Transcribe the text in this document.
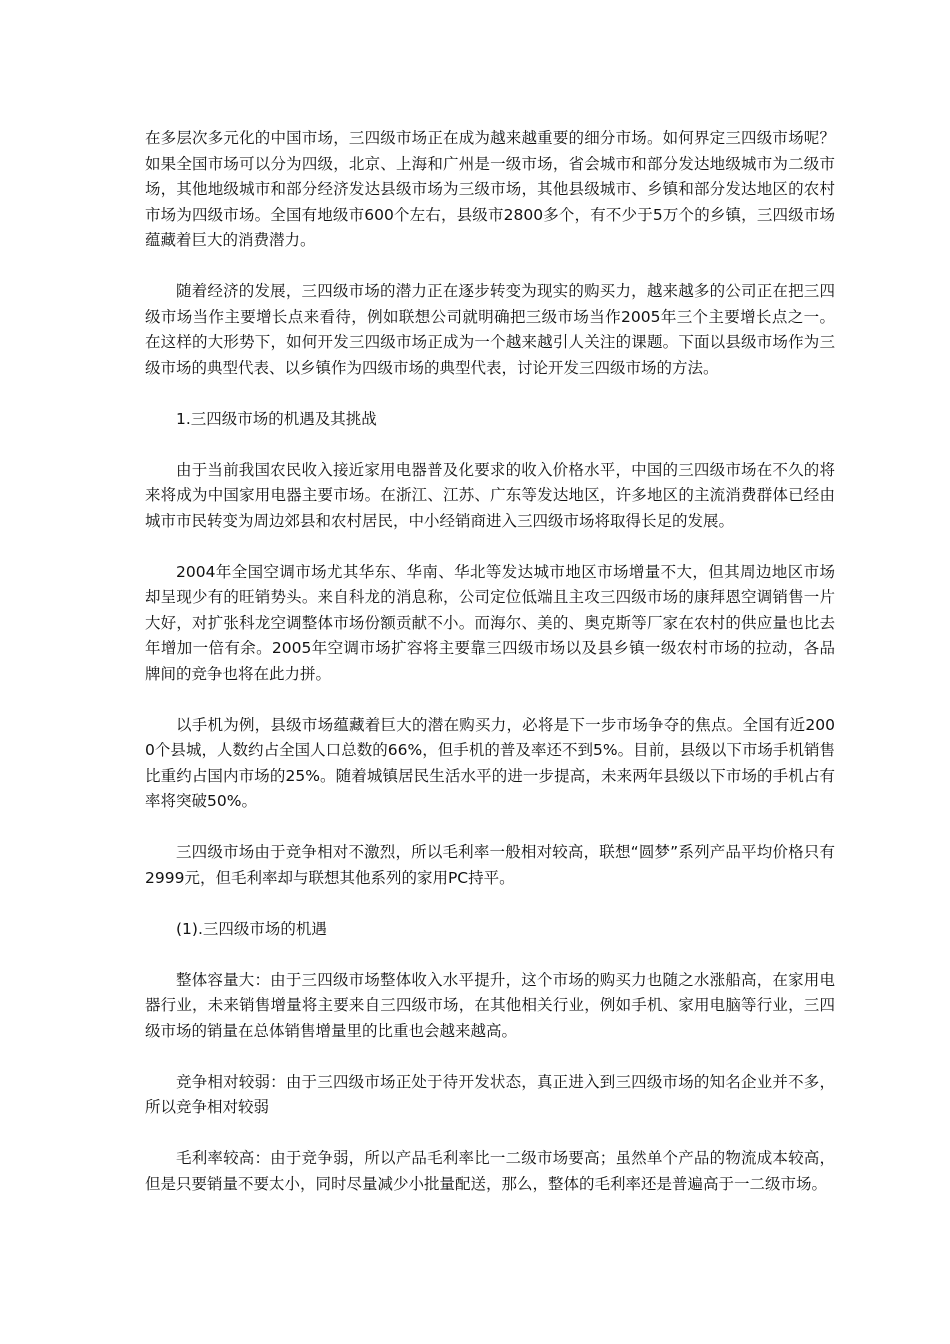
在多层次多元化的中国市场，三四级市场正在成为越来越重要的细分市场。如何界定三四级市场呢？如果全国市场可以分为四级，北京、上海和广州是一级市场，省会城市和部分发达地级城市为二级市场，其他地级城市和部分经济发达县级市场为三级市场，其他县级城市、乡镇和部分发达地区的农村市场为四级市场。全国有地级市600个左右，县级市2800多个，有不少于5万个的乡镇，三四级市场蕴藏着巨大的消费潜力。

随着经济的发展，三四级市场的潜力正在逐步转变为现实的购买力，越来越多的公司正在把三四级市场当作主要增长点来看待，例如联想公司就明确把三级市场当作2005年三个主要增长点之一。在这样的大形势下，如何开发三四级市场正成为一个越来越引人关注的课题。下面以县级市场作为三级市场的典型代表、以乡镇作为四级市场的典型代表，讨论开发三四级市场的方法。

1.三四级市场的机遇及其挑战

由于当前我国农民收入接近家用电器普及化要求的收入价格水平，中国的三四级市场在不久的将来将成为中国家用电器主要市场。在浙江、江苏、广东等发达地区，许多地区的主流消费群体已经由城市市民转变为周边郊县和农村居民，中小经销商进入三四级市场将取得长足的发展。

2004年全国空调市场尤其华东、华南、华北等发达城市地区市场增量不大，但其周边地区市场却呈现少有的旺销势头。来自科龙的消息称，公司定位低端且主攻三四级市场的康拜恩空调销售一片大好，对扩张科龙空调整体市场份额贡献不小。而海尔、美的、奥克斯等厂家在农村的供应量也比去年增加一倍有余。2005年空调市场扩容将主要靠三四级市场以及县乡镇一级农村市场的拉动，各品牌间的竞争也将在此力拼。

以手机为例，县级市场蕴藏着巨大的潜在购买力，必将是下一步市场争夺的焦点。全国有近2000个县城，人数约占全国人口总数的66%，但手机的普及率还不到5%。目前，县级以下市场手机销售比重约占国内市场的25%。随着城镇居民生活水平的进一步提高，未来两年县级以下市场的手机占有率将突破50%。

三四级市场由于竞争相对不激烈，所以毛利率一般相对较高，联想“圆梦”系列产品平均价格只有2999元，但毛利率却与联想其他系列的家用PC持平。

(1).三四级市场的机遇

整体容量大：由于三四级市场整体收入水平提升，这个市场的购买力也随之水涨船高，在家用电器行业，未来销售增量将主要来自三四级市场，在其他相关行业，例如手机、家用电脑等行业，三四级市场的销量在总体销售增量里的比重也会越来越高。

竞争相对较弱：由于三四级市场正处于待开发状态，真正进入到三四级市场的知名企业并不多，所以竞争相对较弱

毛利率较高：由于竞争弱，所以产品毛利率比一二级市场要高；虽然单个产品的物流成本较高，但是只要销量不要太小，同时尽量减少小批量配送，那么，整体的毛利率还是普遍高于一二级市场。
